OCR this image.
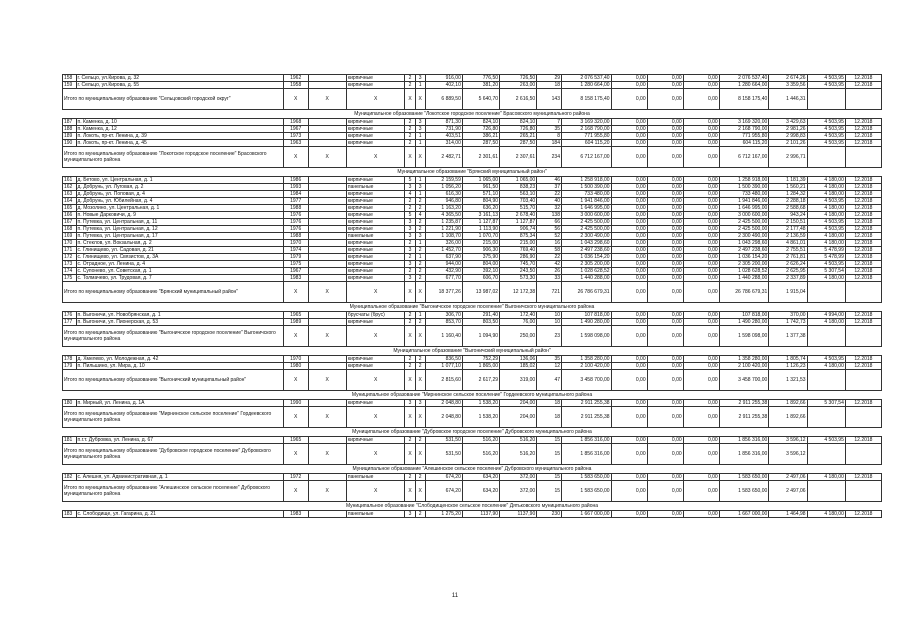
158	г. Сельцо, ул.Кирова, д. 32	1962		кирпичные	2	3	916,00	776,50	726,50	29	2 076 537,40	0,00	0,00	0,00	2 076 537,40	2 674,26	4 503,95	12.2018
159	г. Сельцо, ул.Кирова, д. 55	1958		кирпичные	2	1	402,10	381,20	263,00	18	1 280 664,00	0,00	0,00	0,00	1 280 664,00	3 359,56	4 503,95	12.2018
Итого по муниципальному образованию "Сельцовский городской округ"		X	X	X	X	X	6 889,50	5 640,70	2 616,50	143	8 158 175,40	0,00	0,00	0,00	8 158 175,40	1 446,31		
Муниципальное образование "Локотское городское поселение" Брасовского муниципального района																		
187	п. Каменка, д. 10	1968		кирпичные	2	3	871,30	824,10	824,10	7	3 169 320,00	0,00	0,00	0,00	3 169 320,00	3 429,63	4 503,95	12.2018
188	п. Каменка, д. 12	1967		кирпичные	2	3	731,90	726,80	726,80	35	2 168 790,00	0,00	0,00	0,00	2 168 790,00	2 981,26	4 503,95	12.2018
189	п. Локоть, пр-кт. Ленина, д. 39	1973		кирпичные	2	1	403,51	386,21	265,21	8	771 955,80	0,00	0,00	0,00	771 955,80	2 998,83	4 503,95	12.2018
190	п. Локоть, пр-кт. Ленина, д. 45	1963		кирпичные	2	1	314,00	287,50	287,50	184	604 115,20	0,00	0,00	0,00	604 115,20	2 101,26	4 503,95	12.2018
Итого по муниципальному образованию "Локотское городское поселение" Брасовского муниципального района		X	X	X	X	X	2 482,71	2 301,61	2 307,61	234	6 712 167,00	0,00	0,00	0,00	6 712 167,00	2 996,71		
Муниципальное образование "Брянский муниципальный район"																		
161	д. Бетово, ул. Центральная, д. 1	1986		кирпичные	5	1	2 159,59	1 065,00	1 065,00	46	1 258 918,00	0,00	0,00	0,00	1 258 918,00	1 181,39	4 180,00	12.2018
162	д. Добрунь, ул. Луговая, д. 2	1993		панельные	3	3	1 056,20	961,50	838,23	37	1 500 390,00	0,00	0,00	0,00	1 500 390,00	1 560,21	4 180,00	12.2018
163	д. Добрунь, ул. Поповая, д. 4	1984		кирпичные	4	1	616,30	571,10	563,10	22	733 480,00	0,00	0,00	0,00	733 480,00	1 284,32	4 180,00	12.2018
164	д. Добрунь, ул. Юбилейная, д. 4	1977		кирпичные	2	2	946,80	804,90	703,40	40	1 941 846,00	0,00	0,00	0,00	1 941 846,00	2 288,18	4 503,95	12.2018
165	д. Мозолино, ул. Центральная, д. 1	1988		кирпичные	2	2	1 163,20	636,20	515,70	32	1 646 995,00	0,00	0,00	0,00	1 646 995,00	2 588,68	4 180,00	12.2018
166	п. Новые Дарковичи, д. 9	1976		кирпичные	5	4	4 365,50	3 161,13	2 678,40	138	3 000 600,00	0,00	0,00	0,00	3 000 600,00	943,24	4 180,00	12.2018
167	п. Путевка, ул. Центральная, д. 11	1976		кирпичные	3	2	1 235,87	1 127,87	1 127,87	66	2 425 500,00	0,00	0,00	0,00	2 425 500,00	2 150,51	4 503,95	12.2018
168	п. Путевка, ул. Центральная, д. 12	1976		кирпичные	3	2	1 221,90	1 113,90	906,74	56	2 425 500,00	0,00	0,00	0,00	2 425 500,00	2 177,48	4 503,95	12.2018
169	п. Путевка, ул. Центральная, д. 17	1988		панельные	3	3	1 108,70	1 070,70	875,34	52	2 300 490,00	0,00	0,00	0,00	2 300 490,00	2 136,59	4 180,00	12.2018
170	п. Стеклов, ул. Вокзальная, д. 2	1970		кирпичные	2	1	326,00	215,00	215,00	16	1 043 298,60	0,00	0,00	0,00	1 043 298,60	4 861,01	4 180,00	12.2018
171	с. Глинищево, ул. Садовая, д. 21	1974		кирпичные	3	2	1 452,70	906,30	769,40	58	2 497 238,60	0,00	0,00	0,00	2 497 238,60	2 755,51	5 478,99	12.2018
172	с. Глинищево, ул. Связистов, д. 3А	1979		кирпичные	2	1	637,90	375,90	286,90	22	1 036 154,20	0,00	0,00	0,00	1 036 154,20	2 761,81	5 478,99	12.2018
173	с. Отрадное, ул. Ленина, д. 4	1975		кирпичные	3	2	944,00	804,00	745,70	42	2 305 200,00	0,00	0,00	0,00	2 305 200,00	2 626,24	4 503,95	12.2018
174	с. Супонево, ул. Советская, д. 1	1967		кирпичные	2	2	432,90	392,10	243,50	26	1 028 628,52	0,00	0,00	0,00	1 028 628,52	2 625,95	5 307,54	12.2018
175	с. Толмачево, ул. Трудовая, д. 7	1983		кирпичные	3	2	677,70	606,70	573,30	33	1 440 288,00	0,00	0,00	0,00	1 440 288,00	2 337,89	4 180,00	12.2018
Итого по муниципальному образованию "Брянский муниципальный район"		X	X	X	X	X	18 377,26	13 987,02	12 172,38	721	26 786 679,31	0,00	0,00	0,00	26 786 679,31	1 915,04		
Муниципальное образование "Выгоничское городское поселение" Выгоничского муниципального района																		
176	п. Выгоничи, ул. Новобрянская, д. 1	1965		брусчаты (брус)	2	1	306,70	291,40	172,40	10	107 818,00	0,00	0,00	0,00	107 818,00	370,00	4 994,00	12.2018
177	п. Выгоничи, ул. Пионерская, д. 53	1989		кирпичные	2	2	853,70	803,50	76,00	10	1 490 280,00	0,00	0,00	0,00	1 490 280,00	1 742,73	4 180,00	12.2018
Итого по муниципальному образованию "Выгоничское городское поселение" Выгоничского муниципального района		X	X	X	X	X	1 160,40	1 094,90	250,00	23	1 598 098,00	0,00	0,00	0,00	1 598 098,00	1 377,38		
Муниципальное образование "Выгоничский муниципальный район"																		
178	д. Хмелево, ул. Молодежная, д. 42	1970		кирпичные	2	2	836,50	752,29	136,06	35	1 358 280,00	0,00	0,00	0,00	1 358 280,00	1 805,74	4 503,95	12.2018
179	п. Пильшино, ул. Мира, д. 10	1980		кирпичные	2	2	1 077,10	1 865,00	185,02	12	2 100 420,00	0,00	0,00	0,00	2 100 420,00	1 126,23	4 180,00	12.2018
Итого по муниципальному образованию "Выгоничский муниципальный район"		X	X	X	X	X	2 815,60	2 617,29	319,00	47	3 458 700,00	0,00	0,00	0,00	3 458 700,00	1 321,53		
Муниципальное образование "Мирнинское сельское поселение" Гордеевского муниципального района																		
180	п. Мирный, ул. Ленина, д. 1А	1990		кирпичные	3	3	2 048,80	1 538,20	204,00	18	2 911 255,38	0,00	0,00	0,00	2 911 255,38	1 892,66	5 307,54	12.2018
Итого по муниципальному образованию "Мирнинское сельское поселение" Гордеевского муниципального района		X	X	X	X	X	2 048,80	1 538,20	204,00	18	2 911 255,38	0,00	0,00	0,00	2 911 255,38	1 892,66		
Муниципальное образование "Дубровское городское поселение" Дубровского муниципального района																		
181	п.г.т. Дубровка, ул. Ленина, д. 67	1965		кирпичные	2	2	531,50	516,20	516,20	15	1 856 316,00	0,00	0,00	0,00	1 856 316,00	3 596,12	4 503,95	12.2018
Итого по муниципальному образованию "Дубровское городское поселение" Дубровского муниципального района		X	X	X	X	X	531,50	516,20	516,20	15	1 856 316,00	0,00	0,00	0,00	1 856 316,00	3 596,12		
Муниципальное образование "Алешинское сельское поселение" Дубровского муниципального района																		
182	с. Алешня, ул. Административная, д. 1	1972		панельные	2	2	674,20	634,20	372,00	15	1 583 650,00	0,00	0,00	0,00	1 583 650,00	2 497,06	4 180,00	12.2018
Итого по муниципальному образованию "Алешинское сельское поселение" Дубровского муниципального района		X	X	X	X	X	674,20	634,20	372,00	15	1 583 650,00	0,00	0,00	0,00	1 583 650,00	2 497,06		
Муниципальное образование "Слободищенское сельское поселение" Дятьковского муниципального района																		
183	с. Слободище, ул. Гагарина, д. 21	1983		панельные	3	2	1 275,20	1137,90	1137,90	230	1 667 000,00	0,00	0,00	0,00	1 667 000,00	1 464,98	4 180,00	12.2018
11
